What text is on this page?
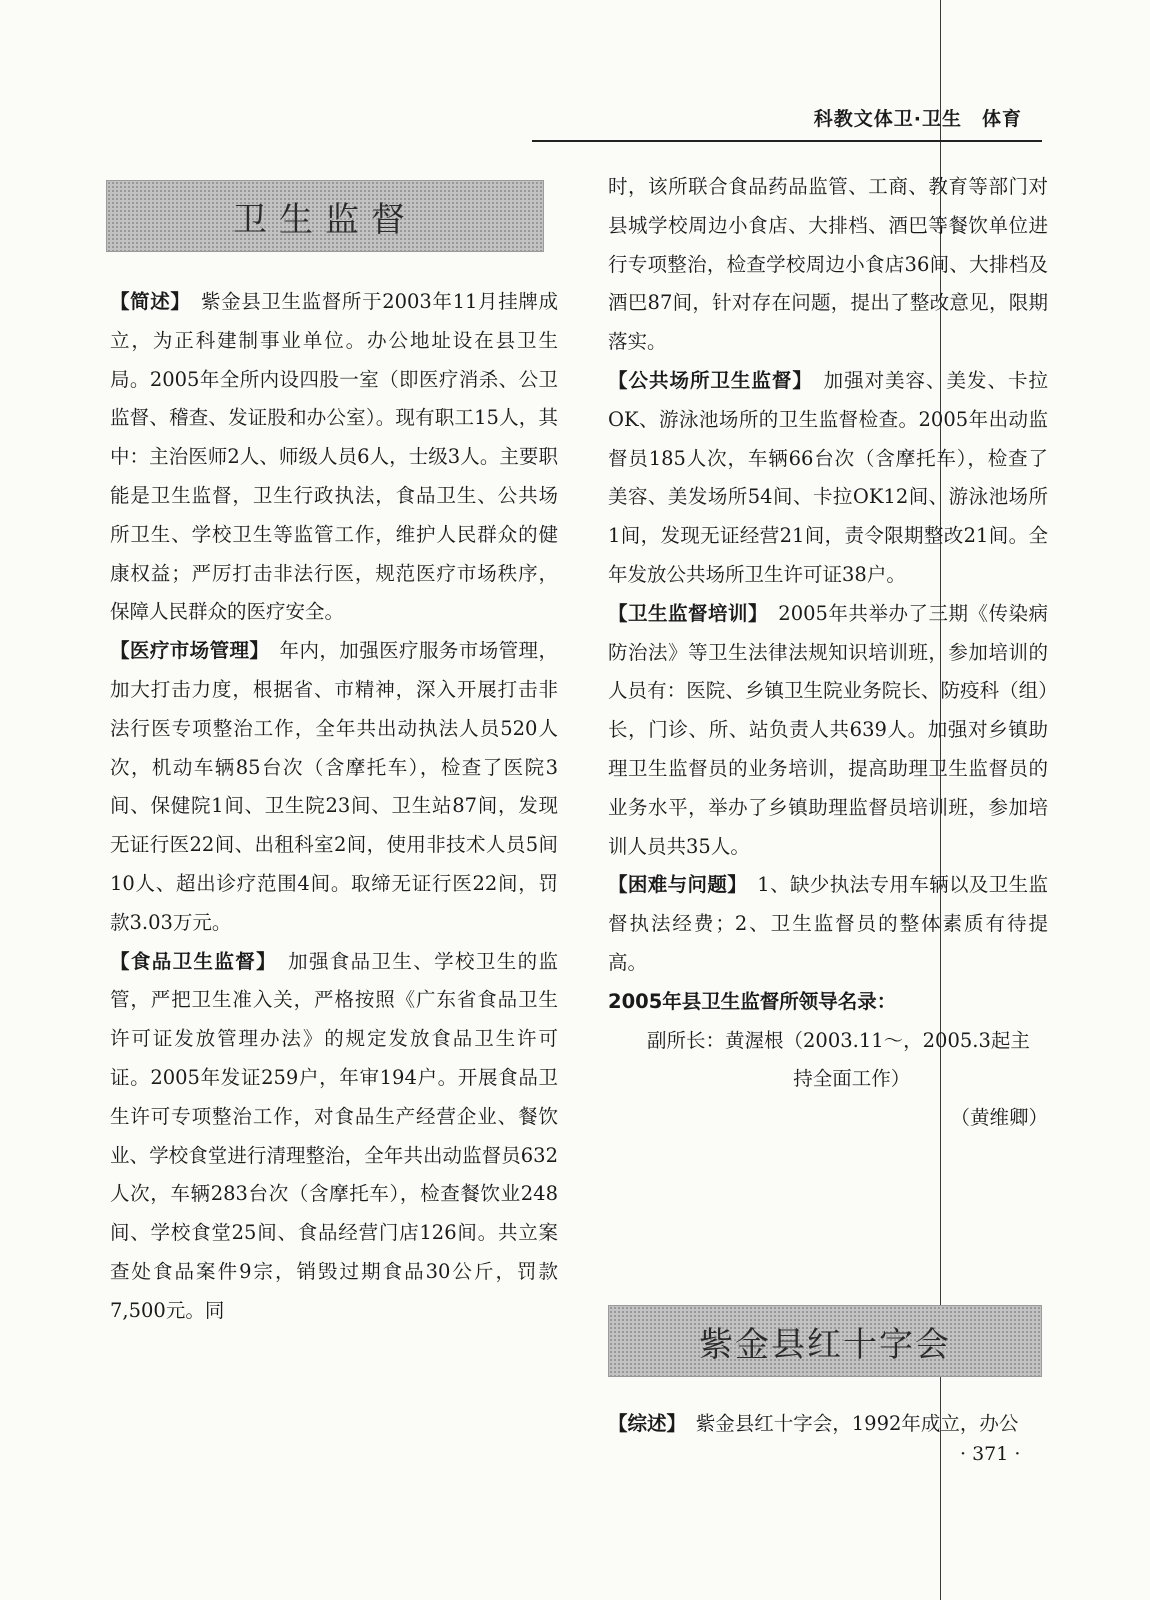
科教文体卫·卫生　体育
卫生监督

【简述】　紫金县卫生监督所于2003年11月挂牌成立，为正科建制事业单位。办公地址设在县卫生局。2005年全所内设四股一室（即医疗消杀、公卫监督、稽查、发证股和办公室）。现有职工15人，其中：主治医师2人、师级人员6人，士级3人。主要职能是卫生监督，卫生行政执法，食品卫生、公共场所卫生、学校卫生等监管工作，维护人民群众的健康权益；严厉打击非法行医，规范医疗市场秩序，保障人民群众的医疗安全。

【医疗市场管理】　年内，加强医疗服务市场管理，加大打击力度，根据省、市精神，深入开展打击非法行医专项整治工作，全年共出动执法人员520人次，机动车辆85台次（含摩托车），检查了医院3间、保健院1间、卫生院23间、卫生站87间，发现无证行医22间、出租科室2间，使用非技术人员5间10人、超出诊疗范围4间。取缔无证行医22间，罚款3.03万元。

【食品卫生监督】　加强食品卫生、学校卫生的监管，严把卫生准入关，严格按照《广东省食品卫生许可证发放管理办法》的规定发放食品卫生许可证。2005年发证259户，年审194户。开展食品卫生许可专项整治工作，对食品生产经营企业、餐饮业、学校食堂进行清理整治，全年共出动监督员632人次，车辆283台次（含摩托车），检查餐饮业248间、学校食堂25间、食品经营门店126间。共立案查处食品案件9宗，销毁过期食品30公斤，罚款7,500元。同

时，该所联合食品药品监管、工商、教育等部门对县城学校周边小食店、大排档、酒巴等餐饮单位进行专项整治，检查学校周边小食店36间、大排档及酒巴87间，针对存在问题，提出了整改意见，限期落实。

【公共场所卫生监督】　加强对美容、美发、卡拉OK、游泳池场所的卫生监督检查。2005年出动监督员185人次，车辆66台次（含摩托车），检查了美容、美发场所54间、卡拉OK12间、游泳池场所1间，发现无证经营21间，责令限期整改21间。全年发放公共场所卫生许可证38户。

【卫生监督培训】　2005年共举办了三期《传染病防治法》等卫生法律法规知识培训班，参加培训的人员有：医院、乡镇卫生院业务院长、防疫科（组）长，门诊、所、站负责人共639人。加强对乡镇助理卫生监督员的业务培训，提高助理卫生监督员的业务水平，举办了乡镇助理监督员培训班，参加培训人员共35人。

【困难与问题】　1、缺少执法专用车辆以及卫生监督执法经费；2、卫生监督员的整体素质有待提高。

2005年县卫生监督所领导名录：

副所长：黄渥根（2003.11～，2005.3起主

持全面工作）

（黄维卿）

紫金县红十字会

【综述】　紫金县红十字会，1992年成立，办公

· 371 ·
